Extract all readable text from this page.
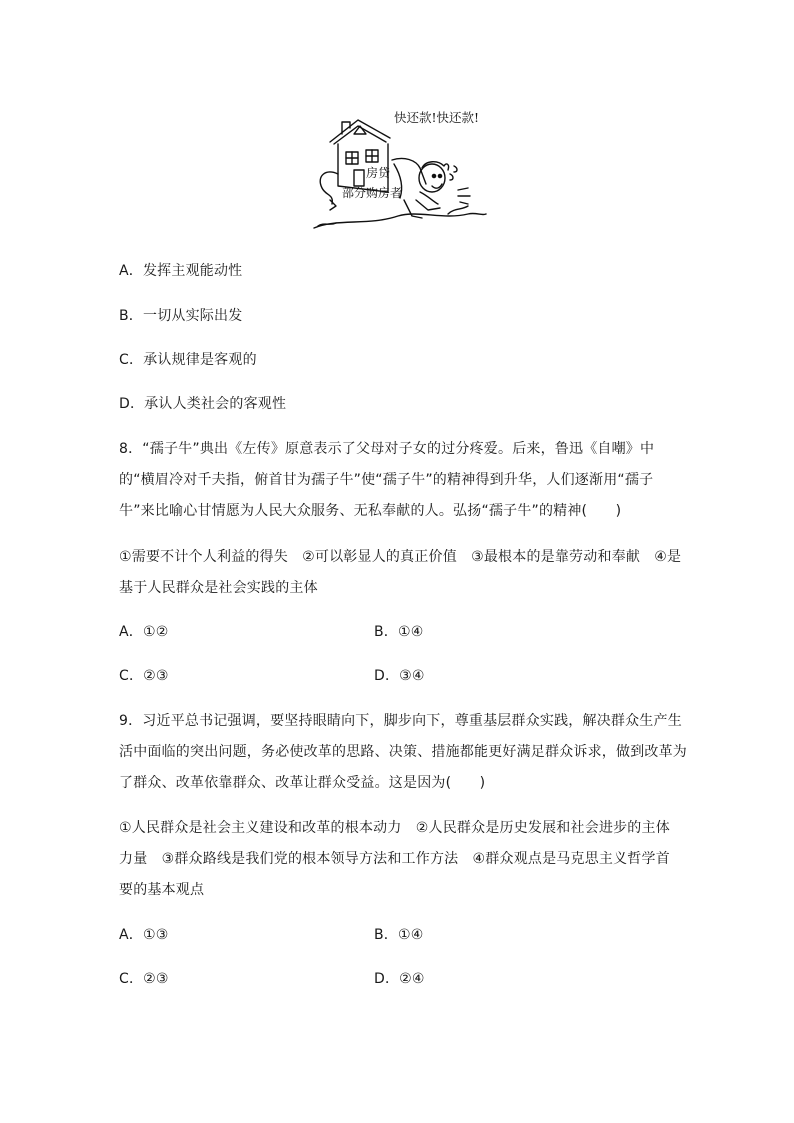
快还款!快还款!
房贷
部分购房者
A．发挥主观能动性
B．一切从实际出发
C．承认规律是客观的
D．承认人类社会的客观性
8．“孺子牛”典出《左传》原意表示了父母对子女的过分疼爱。后来，鲁迅《自嘲》中
的“横眉冷对千夫指，俯首甘为孺子牛”使“孺子牛”的精神得到升华，人们逐渐用“孺子
牛”来比喻心甘情愿为人民大众服务、无私奉献的人。弘扬“孺子牛”的精神(　　)
①需要不计个人利益的得失　②可以彰显人的真正价值　③最根本的是靠劳动和奉献　④是
基于人民群众是社会实践的主体
A．①②	B．①④
C．②③	D．③④
9．习近平总书记强调，要坚持眼睛向下，脚步向下，尊重基层群众实践，解决群众生产生
活中面临的突出问题，务必使改革的思路、决策、措施都能更好满足群众诉求，做到改革为
了群众、改革依靠群众、改革让群众受益。这是因为(　　)
①人民群众是社会主义建设和改革的根本动力　②人民群众是历史发展和社会进步的主体
力量　③群众路线是我们党的根本领导方法和工作方法　④群众观点是马克思主义哲学首
要的基本观点
A．①③	B．①④
C．②③	D．②④
